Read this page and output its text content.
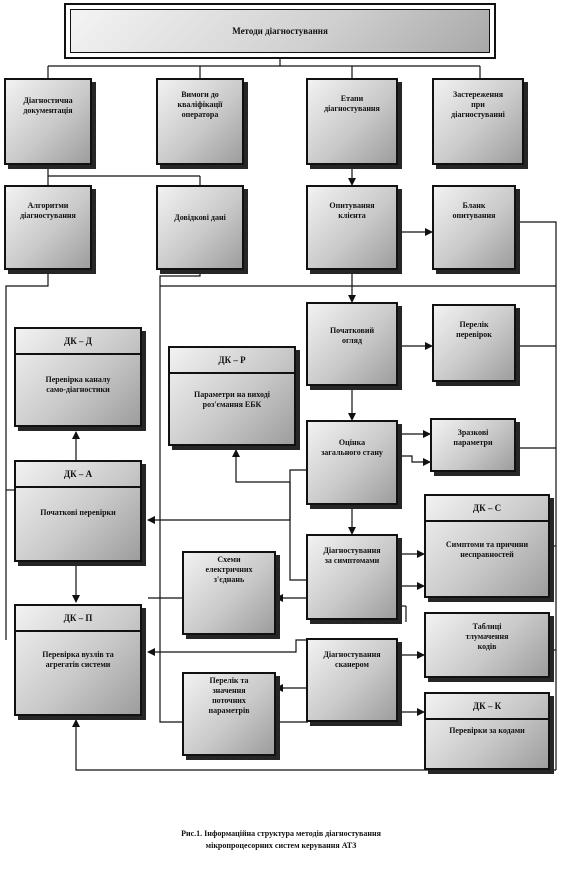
Методи діагностування
Діагностична
документація
Вимоги до
кваліфікації
оператора
Етапи
діагностування
Застереження
при
діагностуванні
Алгоритми
діагностування	Довідкові дані
Опитування
клієнта
Бланк
опитування
ДК – Д
Перевірка каналу
само-діагностики
ДК – Р
Параметри на виході
роз'ємання ЕБК
ДК – А
Початкові перевірки
ДК – П
Перевірка вузлів та
агрегатів системи
Початковий
огляд
Перелік
перевірок
Оцінка
загального стану
Зразкові
параметри
ДК – С
Симптоми та причини
несправностей
Діагностування
за симптомами
Схеми
електричних
з'єднань
Таблиці
тлумачення
кодів
Діагностування
сканером
Перелік та
значення
поточних
параметрів	ДК – К
Перевірки за кодами
Рис.1. Інформаційна структура методів діагностування
мікропроцесорних систем керування АТЗ
